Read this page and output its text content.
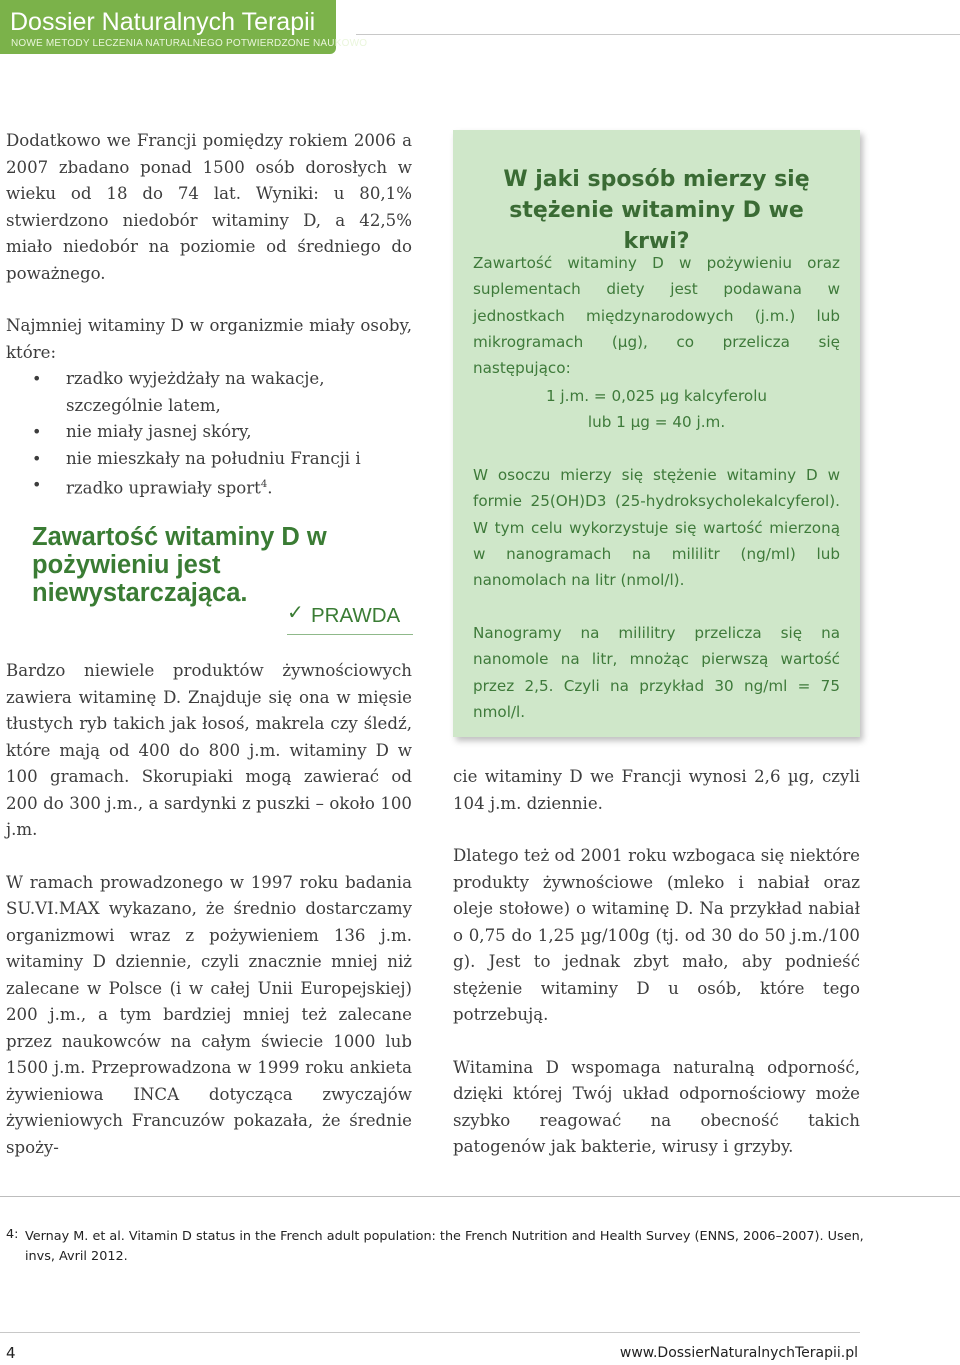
Dossier Naturalnych Terapii
NOWE METODY LECZENIA NATURALNEGO POTWIERDZONE NAUKOWO

Dodatkowo we Francji pomiędzy rokiem 2006 a 2007 zbadano ponad 1500 osób dorosłych w wieku od 18 do 74 lat. Wyniki: u 80,1% stwierdzono niedobór witaminy D, a 42,5% miało niedobór na poziomie od średniego do poważnego.

Najmniej witaminy D w organizmie miały osoby, które:

• rzadko wyjeżdżały na wakacje, szczególnie latem,
• nie miały jasnej skóry,
• nie mieszkały na południu Francji i
• rzadko uprawiały sport$^4$.
Zawartość witaminy D w pożywieniu jest niewystarczająca.
✓ PRAWDA

Bardzo niewiele produktów żywnościowych zawiera witaminę D. Znajduje się ona w mięsie tłustych ryb takich jak łosoś, makrela czy śledź, które mają od 400 do 800 j.m. witaminy D w 100 gramach. Skorupiaki mogą zawierać od 200 do 300 j.m., a sardynki z puszki – około 100 j.m.

W ramach prowadzonego w 1997 roku badania SU.VI.MAX wykazano, że średnio dostarczamy organizmowi wraz z pożywieniem 136 j.m. witaminy D dziennie, czyli znacznie mniej niż zalecane w Polsce (i w całej Unii Europejskiej) 200 j.m., a tym bardziej mniej też zalecane przez naukowców na całym świecie 1000 lub 1500 j.m. Przeprowadzona w 1999 roku ankieta żywieniowa INCA dotycząca zwyczajów żywieniowych Francuzów pokazała, że średnie spoży-

W jaki sposób mierzy się stężenie witaminy D we krwi?

Zawartość witaminy D w pożywieniu oraz suplementach diety jest podawana w jednostkach międzynarodowych (j.m.) lub mikrogramach (µg), co przelicza się następująco:

1 j.m. = 0,025 µg kalcyferolu
lub 1 µg = 40 j.m.

W osoczu mierzy się stężenie witaminy D w formie 25(OH)D3 (25-hydroksycholekalcyferol). W tym celu wykorzystuje się wartość mierzoną w nanogramach na mililitr (ng/ml) lub nanomolach na litr (nmol/l).

Nanogramy na mililitry przelicza się na nanomole na litr, mnożąc pierwszą wartość przez 2,5. Czyli na przykład 30 ng/ml = 75 nmol/l.

cie witaminy D we Francji wynosi 2,6 µg, czyli 104 j.m. dziennie.

Dlatego też od 2001 roku wzbogaca się niektóre produkty żywnościowe (mleko i nabiał oraz oleje stołowe) o witaminę D. Na przykład nabiał o 0,75 do 1,25 µg/100g (tj. od 30 do 50 j.m./100 g). Jest to jednak zbyt mało, aby podnieść stężenie witaminy D u osób, które tego potrzebują.

Witamina D wspomaga naturalną odporność, dzięki której Twój układ odpornościowy może szybko reagować na obecność takich patogenów jak bakterie, wirusy i grzyby.

4: Vernay M. et al. Vitamin D status in the French adult population: the French Nutrition and Health Survey (ENNS, 2006–2007). Usen, invs, Avril 2012.
4	www.DossierNaturalnychTerapii.pl
